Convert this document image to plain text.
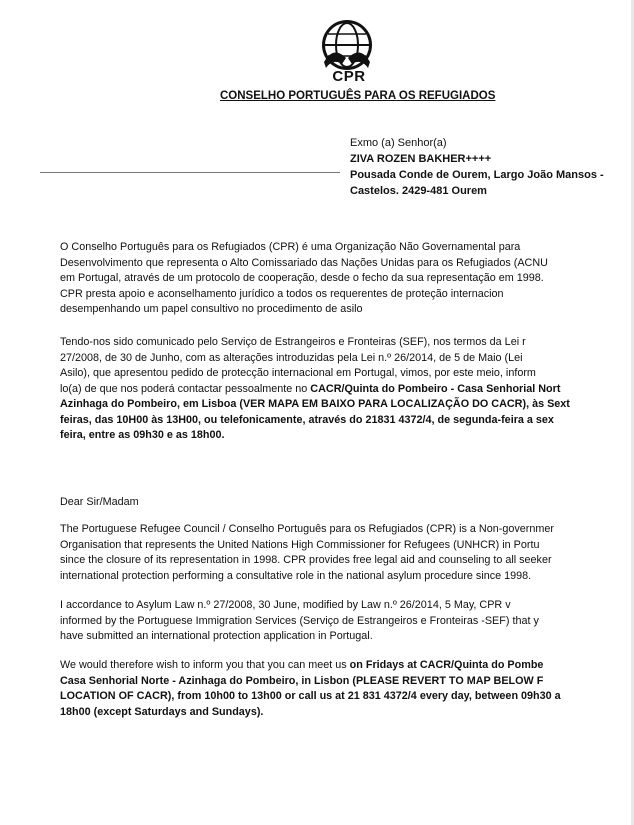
CPR
CONSELHO PORTUGUÊS PARA OS REFUGIADOS
Exmo (a) Senhor(a)
ZIVA ROZEN BAKHER++++
Pousada Conde de Ourem, Largo João Mansos -
Castelos. 2429-481 Ourem
O Conselho Português para os Refugiados (CPR) é uma Organização Não Governamental para
Desenvolvimento que representa o Alto Comissariado das Nações Unidas para os Refugiados (ACNU
em Portugal, através de um protocolo de cooperação, desde o fecho da sua representação em 1998.
CPR presta apoio e aconselhamento jurídico a todos os requerentes de proteção internacion
desempenhando um papel consultivo no procedimento de asilo
Tendo-nos sido comunicado pelo Serviço de Estrangeiros e Fronteiras (SEF), nos termos da Lei r
27/2008, de 30 de Junho, com as alterações introduzidas pela Lei n.º 26/2014, de 5 de Maio (Lei
Asilo), que apresentou pedido de protecção internacional em Portugal, vimos, por este meio, inform
lo(a) de que nos poderá contactar pessoalmente no CACR/Quinta do Pombeiro - Casa Senhorial Nort
Azinhaga do Pombeiro, em Lisboa (VER MAPA EM BAIXO PARA LOCALIZAÇÃO DO CACR), às Sext
feiras, das 10H00 às 13H00, ou telefonicamente, através do 21831 4372/4, de segunda-feira a sex
feira, entre as 09h30 e as 18h00.
Dear Sir/Madam
The Portuguese Refugee Council / Conselho Português para os Refugiados (CPR) is a Non-governmer
Organisation that represents the United Nations High Commissioner for Refugees (UNHCR) in Portu
since the closure of its representation in 1998. CPR provides free legal aid and counseling to all seeker
international protection performing a consultative role in the national asylum procedure since 1998.
I accordance to Asylum Law n.º 27/2008, 30 June, modified by Law n.º 26/2014, 5 May, CPR v
informed by the Portuguese Immigration Services (Serviço de Estrangeiros e Fronteiras -SEF) that y
have submitted an international protection application in Portugal.
We would therefore wish to inform you that you can meet us on Fridays at CACR/Quinta do Pombe
Casa Senhorial Norte - Azinhaga do Pombeiro, in Lisbon (PLEASE REVERT TO MAP BELOW F
LOCATION OF CACR), from 10h00 to 13h00 or call us at 21 831 4372/4 every day, between 09h30 a
18h00 (except Saturdays and Sundays).
